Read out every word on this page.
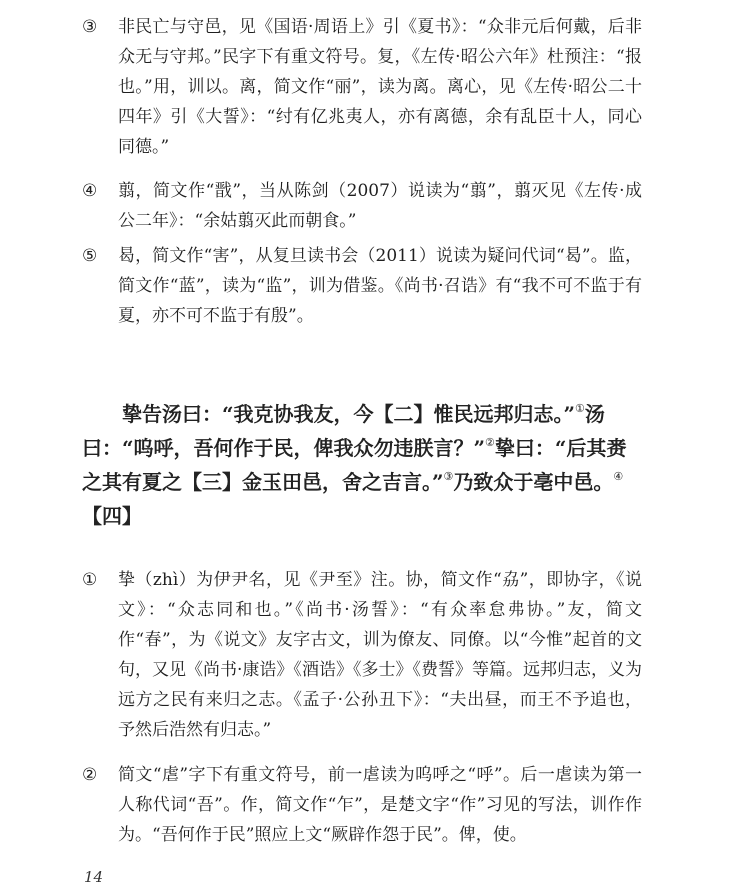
③	非民亡与守邑，见《国语·周语上》引《夏书》：“众非元后何戴，后非众无与守邦。”民字下有重文符号。复，《左传·昭公六年》杜预注：“报也。”用，训以。离，简文作“丽”，读为离。离心，见《左传·昭公二十四年》引《大誓》：“纣有亿兆夷人，亦有离德，余有乱臣十人，同心同德。”
④	翦，简文作“戬”，当从陈剑（2007）说读为“翦”，翦灭见《左传·成公二年》：“余姑翦灭此而朝食。”
⑤	曷，简文作“害”，从复旦读书会（2011）说读为疑问代词“曷”。监，简文作“蓝”，读为“监”，训为借鉴。《尚书·召诰》有“我不可不监于有夏，亦不可不监于有殷”。

挚告汤曰：“我克协我友，今【二】惟民远邦归志。”①汤曰：“呜呼，吾何作于民，俾我众勿违朕言？”②挚曰：“后其赉之其有夏之【三】金玉田邑，舍之吉言。”③乃致众于亳中邑。④【四】

①	挚（zhì）为伊尹名，见《尹至》注。协，简文作“劦”，即协字，《说文》：“众志同和也。”《尚书·汤誓》：“有众率怠弗协。”友，简文作“春”，为《说文》友字古文，训为僚友、同僚。以“今惟”起首的文句，又见《尚书·康诰》《酒诰》《多士》《费誓》等篇。远邦归志，义为远方之民有来归之志。《孟子·公孙丑下》：“夫出昼，而王不予追也，予然后浩然有归志。”
②	简文“虐”字下有重文符号，前一虐读为呜呼之“呼”。后一虐读为第一人称代词“吾”。作，简文作“乍”，是楚文字“作”习见的写法，训作作为。“吾何作于民”照应上文“厥辟作怨于民”。俾，使。
14
